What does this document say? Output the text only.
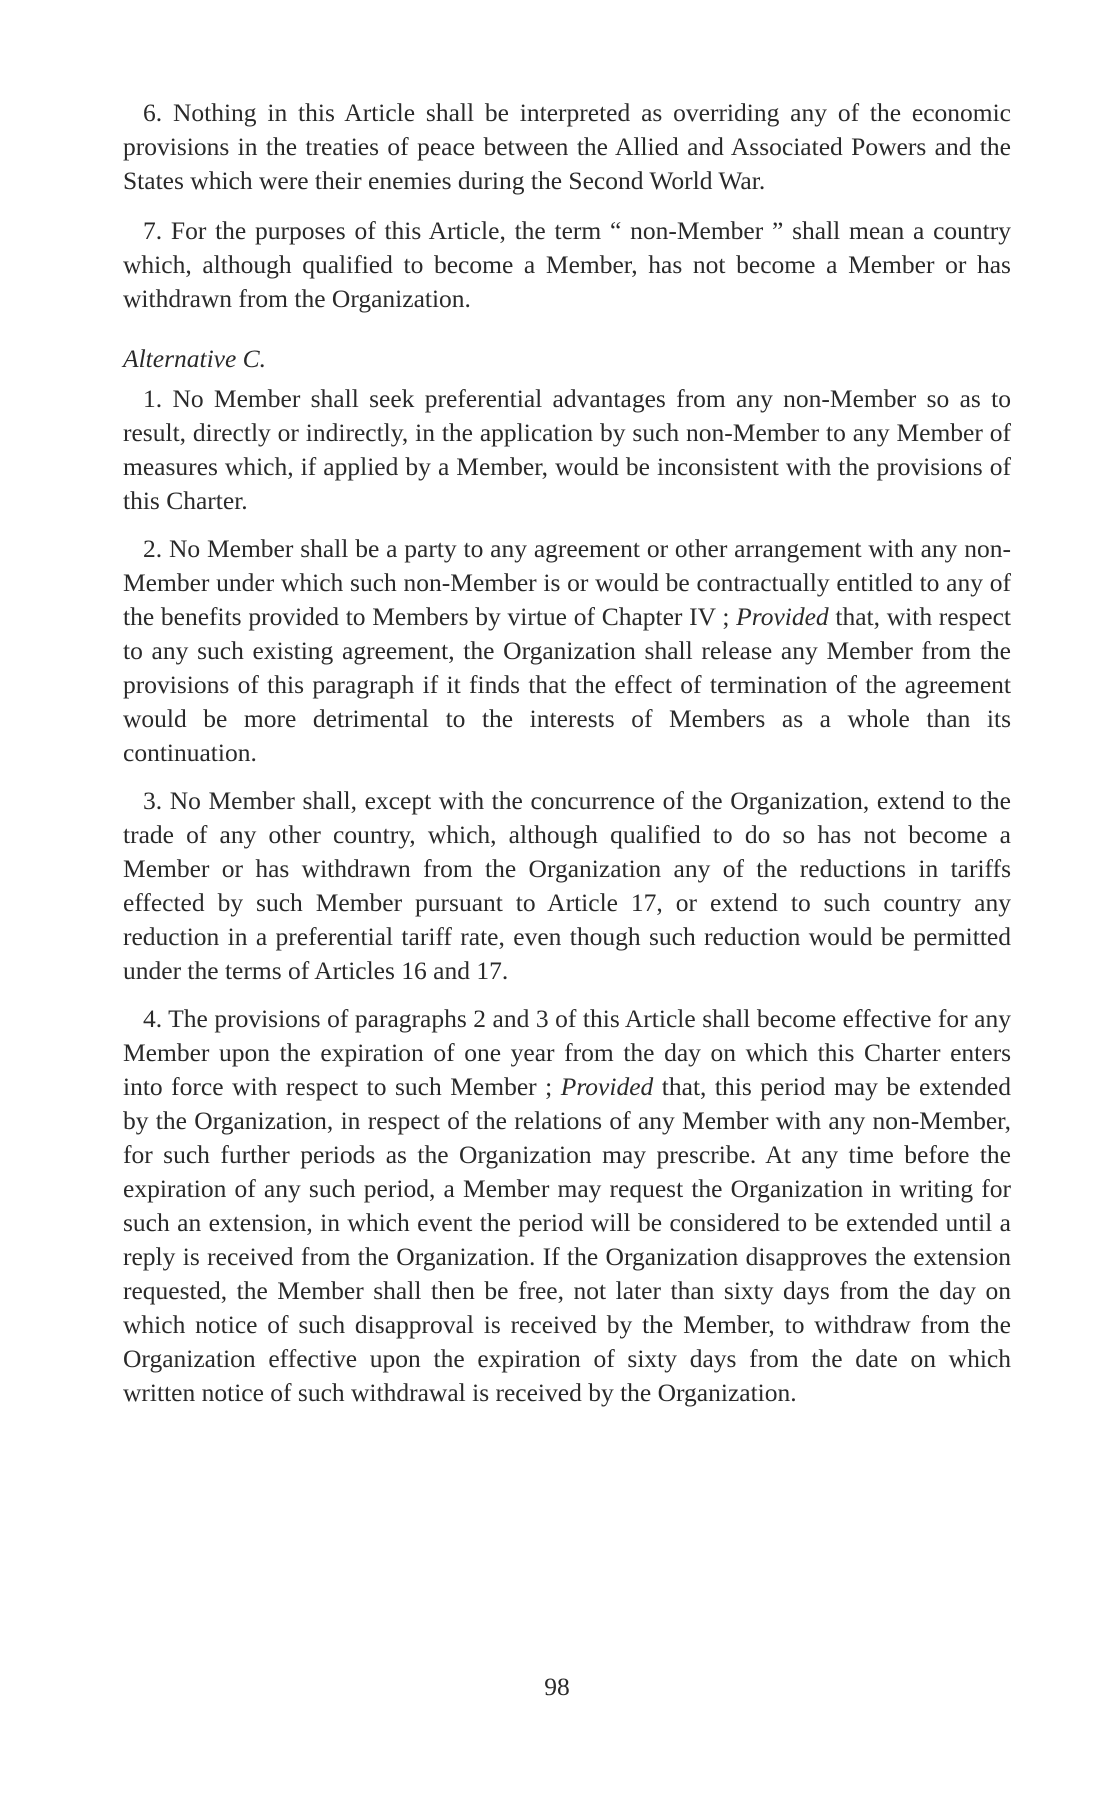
6. Nothing in this Article shall be interpreted as overriding any of the economic provisions in the treaties of peace between the Allied and Associated Powers and the States which were their enemies during the Second World War.

7. For the purposes of this Article, the term “ non-Member ” shall mean a country which, although qualified to become a Member, has not become a Member or has withdrawn from the Organization.

Alternative C.

1. No Member shall seek preferential advantages from any non-Member so as to result, directly or indirectly, in the application by such non-Member to any Member of measures which, if applied by a Member, would be inconsistent with the provisions of this Charter.

2. No Member shall be a party to any agreement or other arrangement with any non-Member under which such non-Member is or would be contractually entitled to any of the benefits provided to Members by virtue of Chapter IV ; Provided that, with respect to any such existing agreement, the Organization shall release any Member from the provisions of this paragraph if it finds that the effect of termination of the agreement would be more detrimental to the interests of Members as a whole than its continuation.

3. No Member shall, except with the concurrence of the Organization, extend to the trade of any other country, which, although qualified to do so has not become a Member or has withdrawn from the Organization any of the reductions in tariffs effected by such Member pursuant to Article 17, or extend to such country any reduction in a preferential tariff rate, even though such reduction would be permitted under the terms of Articles 16 and 17.

4. The provisions of paragraphs 2 and 3 of this Article shall become effective for any Member upon the expiration of one year from the day on which this Charter enters into force with respect to such Member ; Provided that, this period may be extended by the Organization, in respect of the relations of any Member with any non-Member, for such further periods as the Organization may prescribe. At any time before the expiration of any such period, a Member may request the Organization in writing for such an extension, in which event the period will be considered to be extended until a reply is received from the Organization. If the Organization disapproves the extension requested, the Member shall then be free, not later than sixty days from the day on which notice of such disapproval is received by the Member, to withdraw from the Organization effective upon the expiration of sixty days from the date on which written notice of such withdrawal is received by the Organization.

98
